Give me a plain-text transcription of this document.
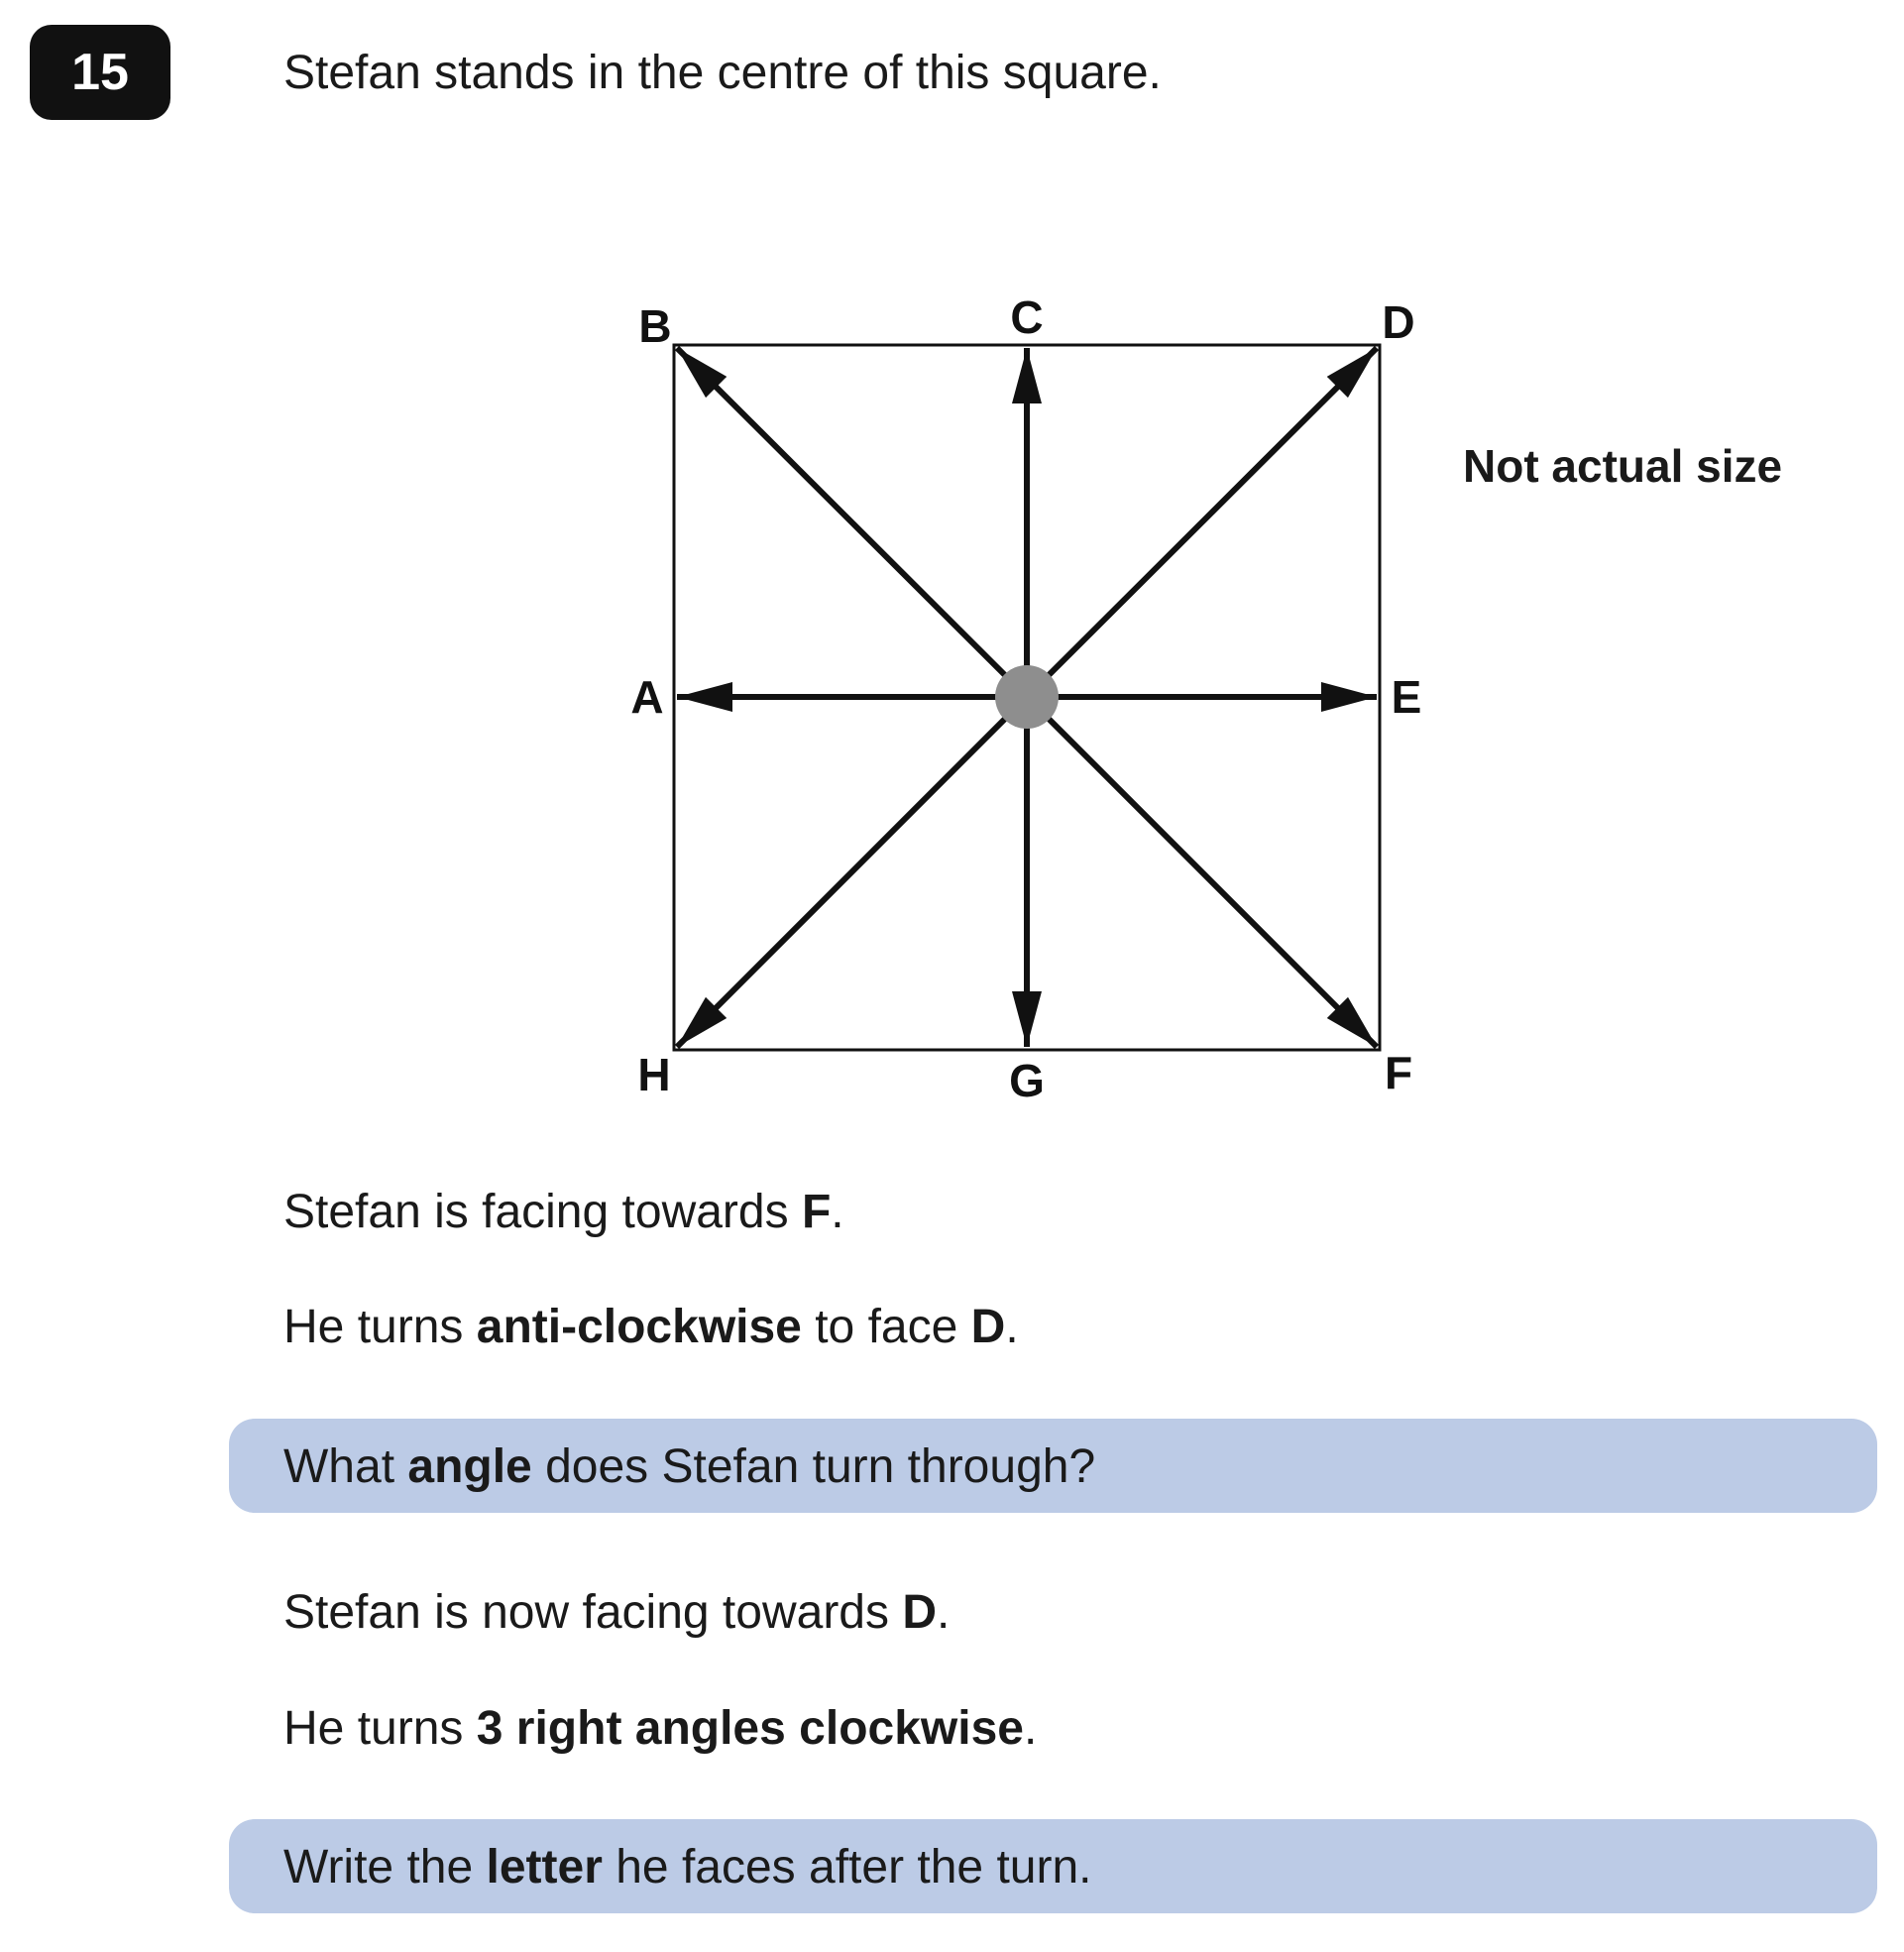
15	Stefan stands in the centre of this square.
A
B	C	D
E
F
G
H
Not actual size
Stefan is facing towards F.
He turns anti-clockwise to face D.
What angle does Stefan turn through?
Stefan is now facing towards D.
He turns 3 right angles clockwise.
Write the letter he faces after the turn.
